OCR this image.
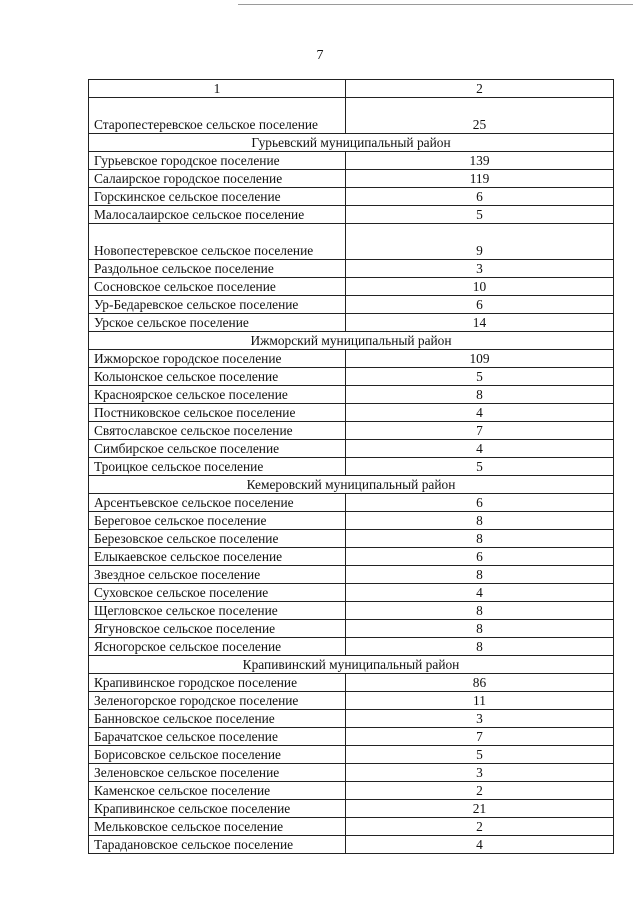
7
1	2

Старопестеревское сельское поселение	25
Гурьевский муниципальный район	
Гурьевское городское поселение	139
Салаирское городское поселение	119
Горскинское сельское поселение	6
Малосалаирское сельское поселение	5

Новопестеревское сельское поселение	9
Раздольное сельское поселение	3
Сосновское сельское поселение	10
Ур-Бедаревское сельское поселение	6
Урское сельское поселение	14
Ижморский муниципальный район	
Ижморское городское поселение	109
Колыонское сельское поселение	5
Красноярское сельское поселение	8
Постниковское сельское поселение	4
Святославское сельское поселение	7
Симбирское сельское поселение	4
Троицкое сельское поселение	5
Кемеровский муниципальный район	
Арсентьевское сельское поселение	6
Береговое сельское поселение	8
Березовское сельское поселение	8
Елыкаевское сельское поселение	6
Звездное сельское поселение	8
Суховское сельское поселение	4
Щегловское сельское поселение	8
Ягуновское сельское поселение	8
Ясногорское сельское поселение	8
Крапивинский муниципальный район	
Крапивинское городское поселение	86
Зеленогорское городское поселение	11
Банновское сельское поселение	3
Барачатское сельское поселение	7
Борисовское сельское поселение	5
Зеленовское сельское поселение	3
Каменское сельское поселение	2
Крапивинское сельское поселение	21
Мельковское сельское поселение	2
Тарадановское сельское поселение	4
